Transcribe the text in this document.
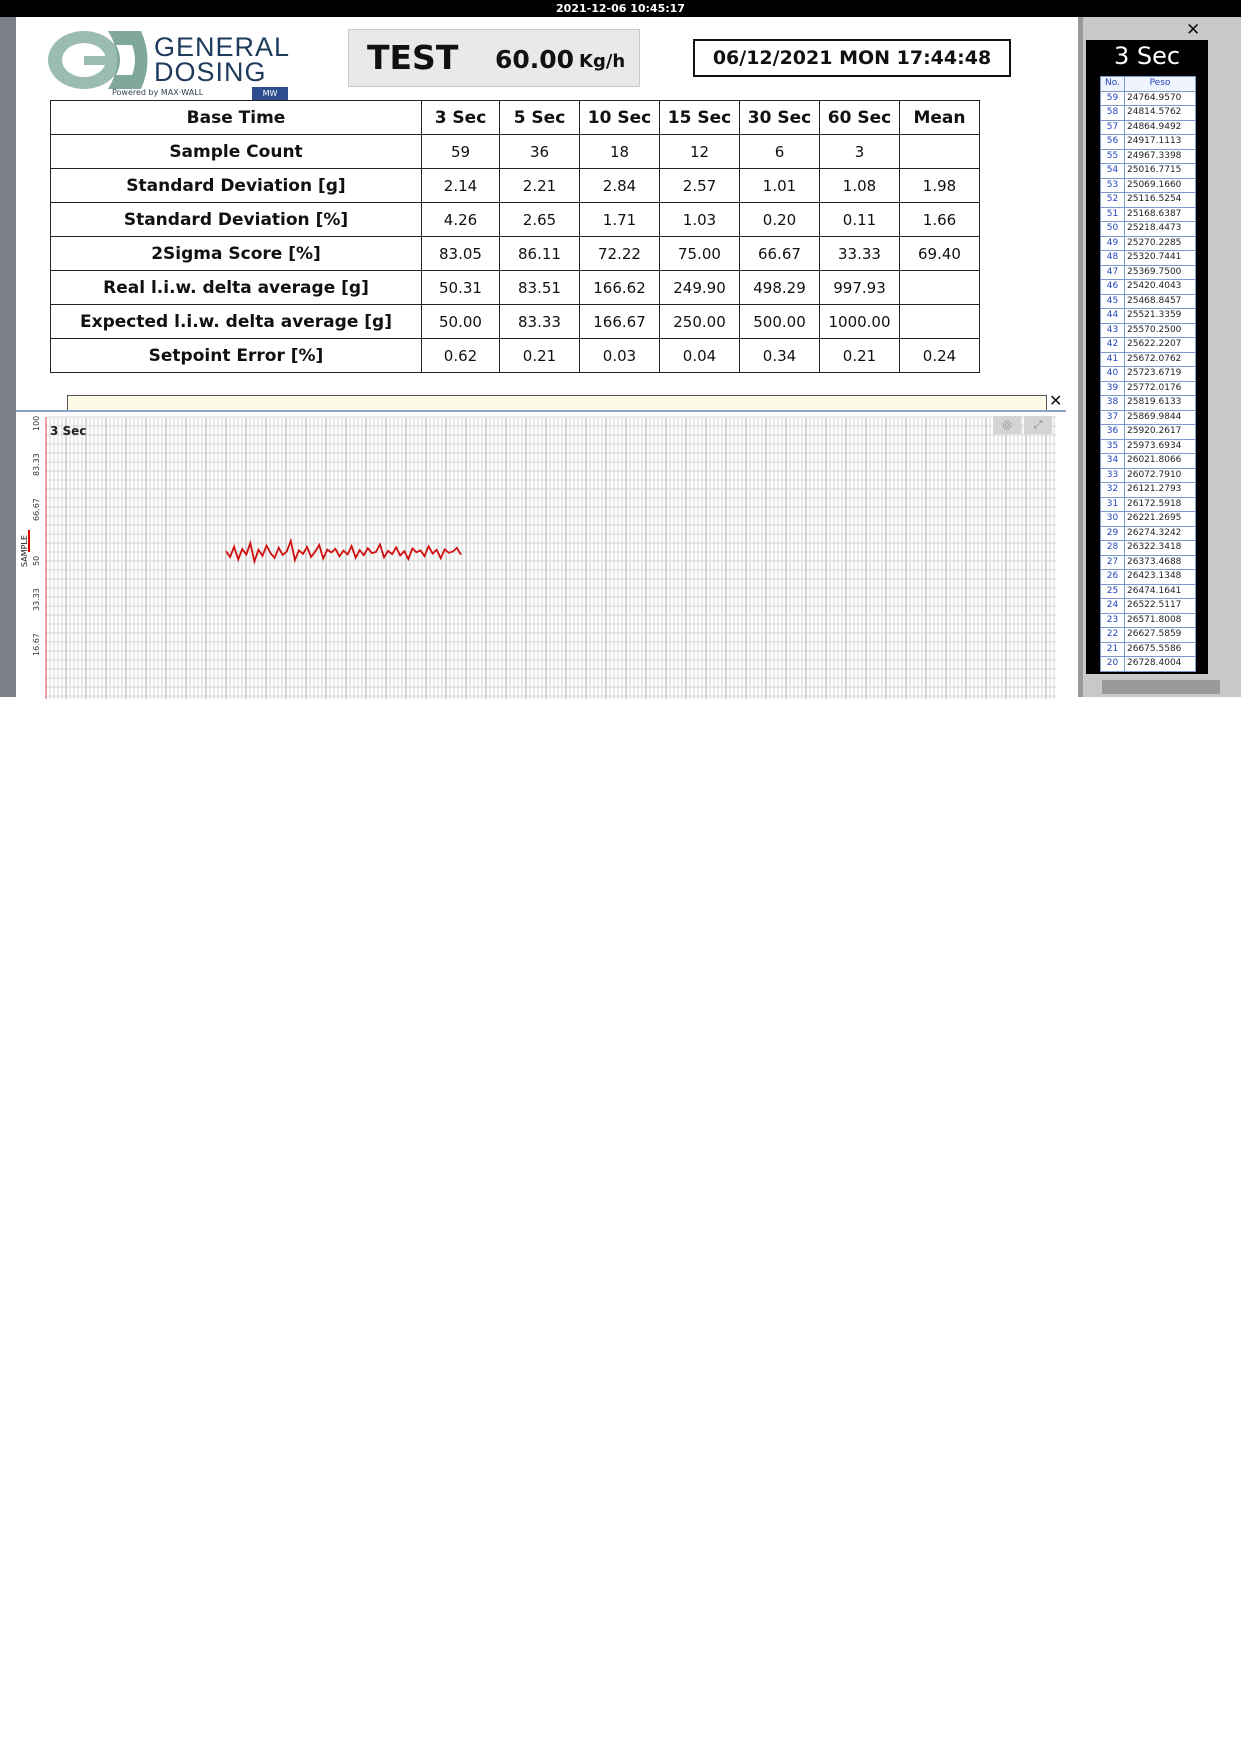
2021-12-06 10:45:17
GENERAL
DOSING
Powered by MAX·WALL	MW
TEST 60.00 Kg/h	06/12/2021 MON 17:44:48
Base Time	3 Sec	5 Sec	10 Sec	15 Sec	30 Sec	60 Sec	Mean
Sample Count	59	36	18	12	6	3	
Standard Deviation [g]	2.14	2.21	2.84	2.57	1.01	1.08	1.98
Standard Deviation [%]	4.26	2.65	1.71	1.03	0.20	0.11	1.66
2Sigma Score [%]	83.05	86.11	72.22	75.00	66.67	33.33	69.40
Real l.i.w. delta average [g]	50.31	83.51	166.62	249.90	498.29	997.93	
Expected l.i.w. delta average [g]	50.00	83.33	166.67	250.00	500.00	1000.00	
Setpoint Error [%]	0.62	0.21	0.03	0.04	0.34	0.21	0.24
✕
100
83.33
66.67
50
33.33
16.67
3 Sec	◎	⤢
SAMPLE
✕
3 Sec
No.	Peso
59	24764.9570
58	24814.5762
57	24864.9492
56	24917.1113
55	24967.3398
54	25016.7715
53	25069.1660
52	25116.5254
51	25168.6387
50	25218.4473
49	25270.2285
48	25320.7441
47	25369.7500
46	25420.4043
45	25468.8457
44	25521.3359
43	25570.2500
42	25622.2207
41	25672.0762
40	25723.6719
39	25772.0176
38	25819.6133
37	25869.9844
36	25920.2617
35	25973.6934
34	26021.8066
33	26072.7910
32	26121.2793
31	26172.5918
30	26221.2695
29	26274.3242
28	26322.3418
27	26373.4688
26	26423.1348
25	26474.1641
24	26522.5117
23	26571.8008
22	26627.5859
21	26675.5586
20	26728.4004
